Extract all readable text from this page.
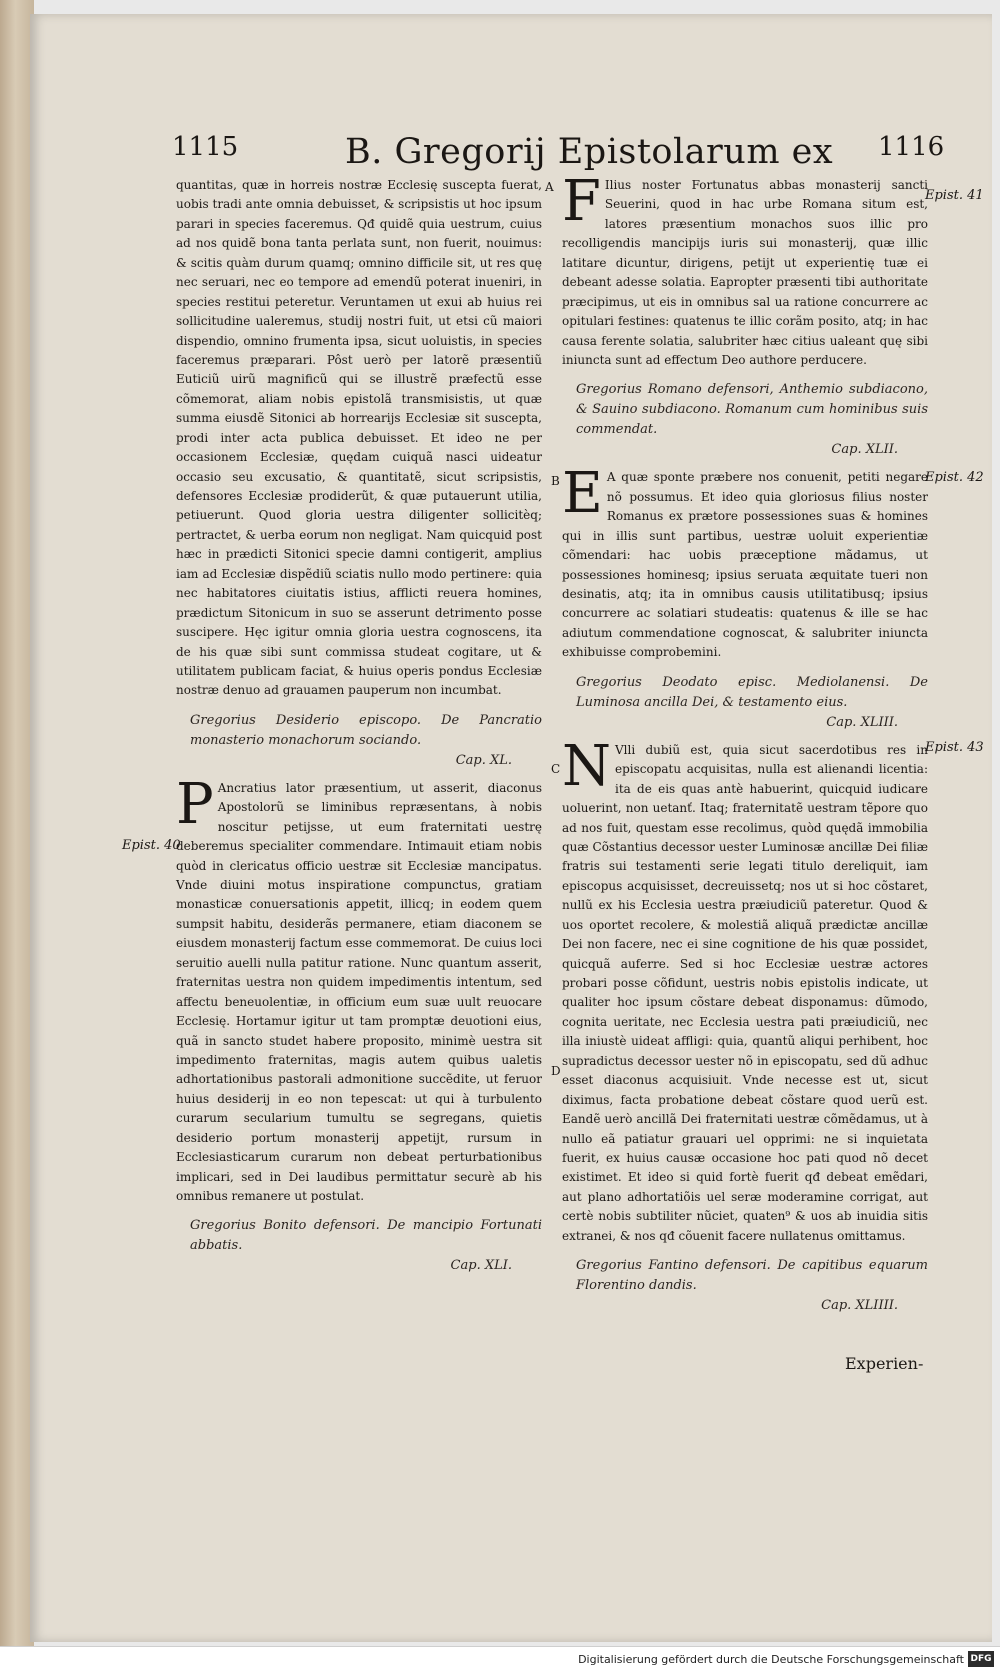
1115	B. Gregorij Epistolarum ex 1116

quantitas, quæ in horreis nostræ Ecclesię suscepta fuerat, uobis tradi ante omnia debuisset, & scripsistis ut hoc ipsum parari in species faceremus. Qđ quidẽ quia uestrum, cuius ad nos quidẽ bona tanta perlata sunt, non fuerit, nouimus: & scitis quàm durum quamq; omnino difficile sit, ut res quę nec seruari, nec eo tempore ad emendũ poterat inueniri, in species restitui peteretur. Veruntamen ut exui ab huius rei sollicitudine ualeremus, studij nostri fuit, ut etsi cũ maiori dispendio, omnino frumenta ipsa, sicut uoluistis, in species faceremus præparari. Pôst uerò per latorẽ præsentiũ Euticiũ uirũ magnificũ qui se illustrẽ præfectũ esse cõmemorat, aliam nobis epistolã transmisistis, ut quæ summa eiusdẽ Sitonici ab horrearijs Ecclesiæ sit suscepta, prodi inter acta publica debuisset. Et ideo ne per occasionem Ecclesiæ, quędam cuiquã nasci uideatur occasio seu excusatio, & quantitatẽ, sicut scripsistis, defensores Ecclesiæ prodiderũt, & quæ putauerunt utilia, petiuerunt. Quod gloria uestra diligenter sollicitèq; pertractet, & uerba eorum non negligat. Nam quicquid post hæc in prædicti Sitonici specie damni contigerit, amplius iam ad Ecclesiæ dispẽdiũ sciatis nullo modo pertinere: quia nec habitatores ciuitatis istius, afflicti reuera homines, prædictum Sitonicum in suo se asserunt detrimento posse suscipere. Hęc igitur omnia gloria uestra cognoscens, ita de his quæ sibi sunt commissa studeat cogitare, ut & utilitatem publicam faciat, & huius operis pondus Ecclesiæ nostræ denuo ad grauamen pauperum non incumbat.

Gregorius Desiderio episcopo. De Pancratio monasterio monachorum sociando.
Cap. XL.

P Ancratius lator præsentium, ut asserit, diaconus Apostolorũ se liminibus repræsentans, à nobis noscitur petijsse, ut eum fraternitati uestrę deberemus specialiter commendare. Intimauit etiam nobis quòd in clericatus officio uestræ sit Ecclesiæ mancipatus. Vnde diuini motus inspiratione compunctus, gratiam monasticæ conuersationis appetit, illicq; in eodem quem sumpsit habitu, desiderãs permanere, etiam diaconem se eiusdem monasterij factum esse commemorat. De cuius loci seruitio auelli nulla patitur ratione. Nunc quantum asserit, fraternitas uestra non quidem impedimentis intentum, sed affectu beneuolentiæ, in officium eum suæ uult reuocare Ecclesię. Hortamur igitur ut tam promptæ deuotioni eius, quã in sancto studet habere proposito, minimè uestra sit impedimento fraternitas, magis autem quibus ualetis adhortationibus pastorali admonitione succẽdite, ut feruor huius desiderij in eo non tepescat: ut qui à turbulento curarum secularium tumultu se segregans, quietis desiderio portum monasterij appetijt, rursum in Ecclesiasticarum curarum non debeat perturbationibus implicari, sed in Dei laudibus permittatur securè ab his omnibus remanere ut postulat.

Gregorius Bonito defensori. De mancipio Fortunati abbatis.
Cap. XLI.

F Ilius noster Fortunatus abbas monasterij sancti Seuerini, quod in hac urbe Romana situm est, latores præsentium monachos suos illic pro recolligendis mancipijs iuris sui monasterij, quæ illic latitare dicuntur, dirigens, petijt ut experientię tuæ ei debeant adesse solatia. Eapropter præsenti tibi authoritate præcipimus, ut eis in omnibus sal ua ratione concurrere ac opitulari festines: quatenus te illic corãm posito, atq; in hac causa ferente solatia, salubriter hæc citius ualeant quę sibi iniuncta sunt ad effectum Deo authore perducere.

Gregorius Romano defensori, Anthemio subdiacono, & Sauino subdiacono. Romanum cum hominibus suis commendat.
Cap. XLII.

E A quæ sponte præbere nos conuenit, petiti negare nõ possumus. Et ideo quia gloriosus filius noster Romanus ex prætore possessiones suas & homines qui in illis sunt partibus, uestræ uoluit experientiæ cõmendari: hac uobis præceptione mãdamus, ut possessiones hominesq; ipsius seruata æquitate tueri non desinatis, atq; ita in omnibus causis utilitatibusq; ipsius concurrere ac solatiari studeatis: quatenus & ille se hac adiutum commendatione cognoscat, & salubriter iniuncta exhibuisse comprobemini.

Gregorius Deodato episc. Mediolanensi. De Luminosa ancilla Dei, & testamento eius.
Cap. XLIII.

N Vlli dubiũ est, quia sicut sacerdotibus res in episcopatu acquisitas, nulla est alienandi licentia: ita de eis quas antè habuerint, quicquid iudicare uoluerint, non uetanť. Itaq; fraternitatẽ uestram tẽpore quo ad nos fuit, questam esse recolimus, quòd quędã immobilia quæ Cõstantius decessor uester Luminosæ ancillæ Dei filiæ fratris sui testamenti serie legati titulo dereliquit, iam episcopus acquisisset, decreuissetq; nos ut si hoc cõstaret, nullũ ex his Ecclesia uestra præiudiciũ pateretur. Quod & uos oportet recolere, & molestiã aliquã prædictæ ancillæ Dei non facere, nec ei sine cognitione de his quæ possidet, quicquã auferre. Sed si hoc Ecclesiæ uestræ actores probari posse cõfidunt, uestris nobis epistolis indicate, ut qualiter hoc ipsum cõstare debeat disponamus: dũmodo, cognita ueritate, nec Ecclesia uestra pati præiudiciũ, nec illa iniustè uideat affligi: quia, quantũ aliqui perhibent, hoc supradictus decessor uester nõ in episcopatu, sed dũ adhuc esset diaconus acquisiuit. Vnde necesse est ut, sicut diximus, facta probatione debeat cõstare quod uerũ est. Eandẽ uerò ancillã Dei fraternitati uestræ cõmẽdamus, ut à nullo eã patiatur grauari uel opprimi: ne si inquietata fuerit, ex huius causæ occasione hoc pati quod nõ decet existimet. Et ideo si quid fortè fuerit qđ debeat emẽdari, aut plano adhortatiõis uel seræ moderamine corrigat, aut certè nobis subtiliter nũciet, quaten⁹ & uos ab inuidia sitis extranei, & nos qđ cõuenit facere nullatenus omittamus.

Gregorius Fantino defensori. De capitibus equarum Florentino dandis.
Cap. XLIIII.
Epist. 40
Epist. 41
Epist. 42
Epist. 43
A
B
C
D
Experien-
Digitalisierung gefördert durch die Deutsche Forschungsgemeinschaft DFG
